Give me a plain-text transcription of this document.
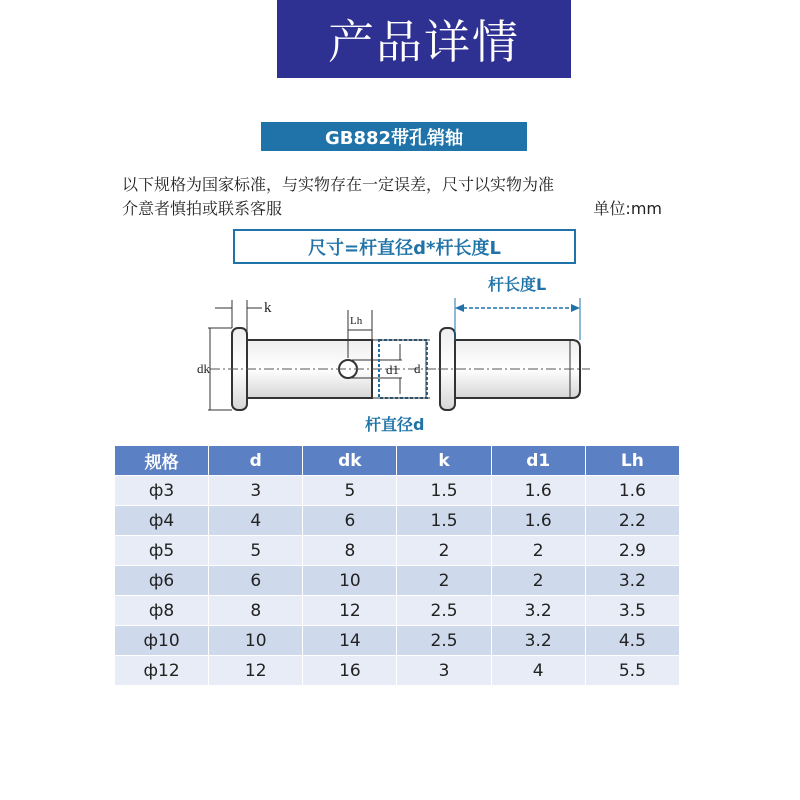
产品详情
GB882带孔销轴
以下规格为国家标准，与实物存在一定误差，尺寸以实物为准
介意者慎拍或联系客服	单位:mm
尺寸=杆直径d*杆长度L
dk
k
Lh
d1 d
杆长度L
杆直径d
规格	d	dk	k	d1	Lh
ф3	3	5	1.5	1.6	1.6
ф4	4	6	1.5	1.6	2.2
ф5	5	8	2	2	2.9
ф6	6	10	2	2	3.2
ф8	8	12	2.5	3.2	3.5
ф10	10	14	2.5	3.2	4.5
ф12	12	16	3	4	5.5
